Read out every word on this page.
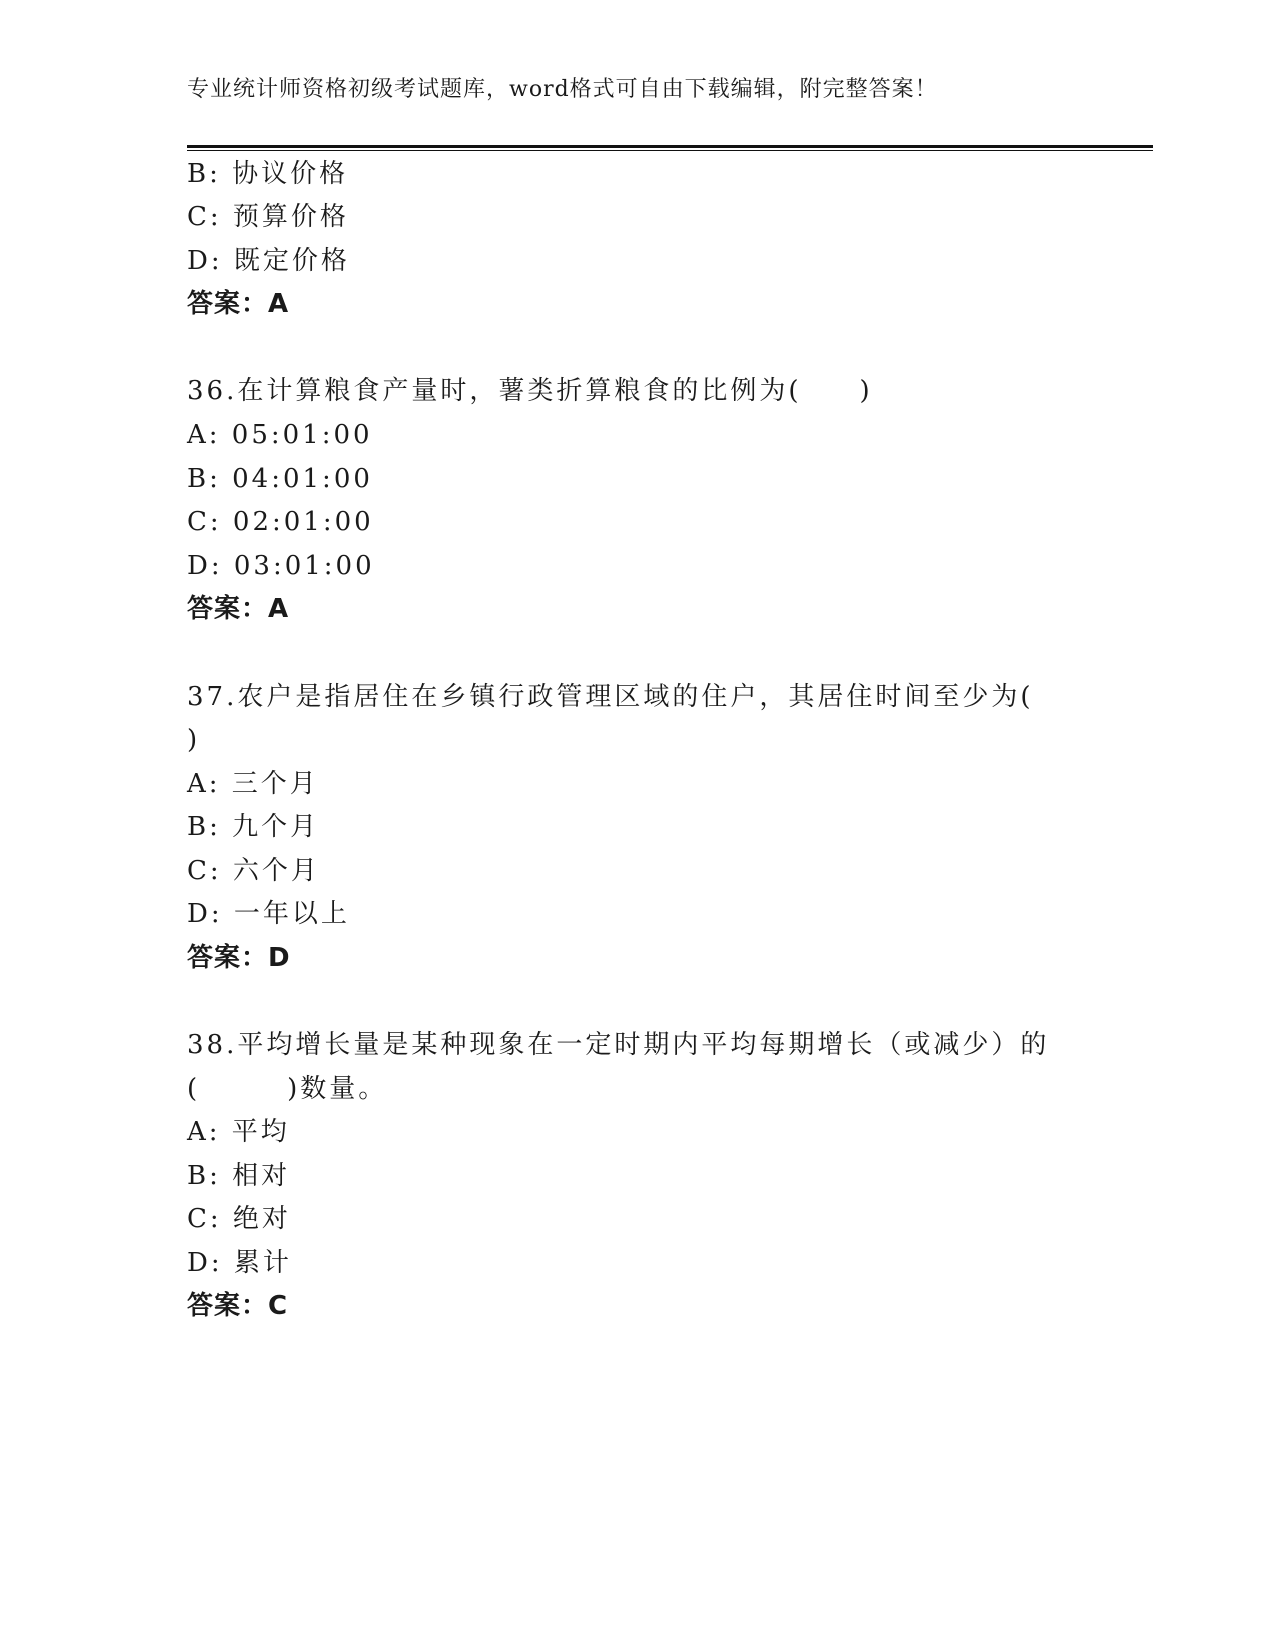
专业统计师资格初级考试题库，word格式可自由下载编辑，附完整答案！
B: 协议价格
C: 预算价格
D: 既定价格
答案：A
36.在计算粮食产量时，薯类折算粮食的比例为(　　)
A: 05:01:00
B: 04:01:00
C: 02:01:00
D: 03:01:00
答案：A
37.农户是指居住在乡镇行政管理区域的住户，其居住时间至少为(
)
A: 三个月
B: 九个月
C: 六个月
D: 一年以上
答案：D
38.平均增长量是某种现象在一定时期内平均每期增长（或减少）的
(　　　)数量。
A: 平均
B: 相对
C: 绝对
D: 累计
答案：C
